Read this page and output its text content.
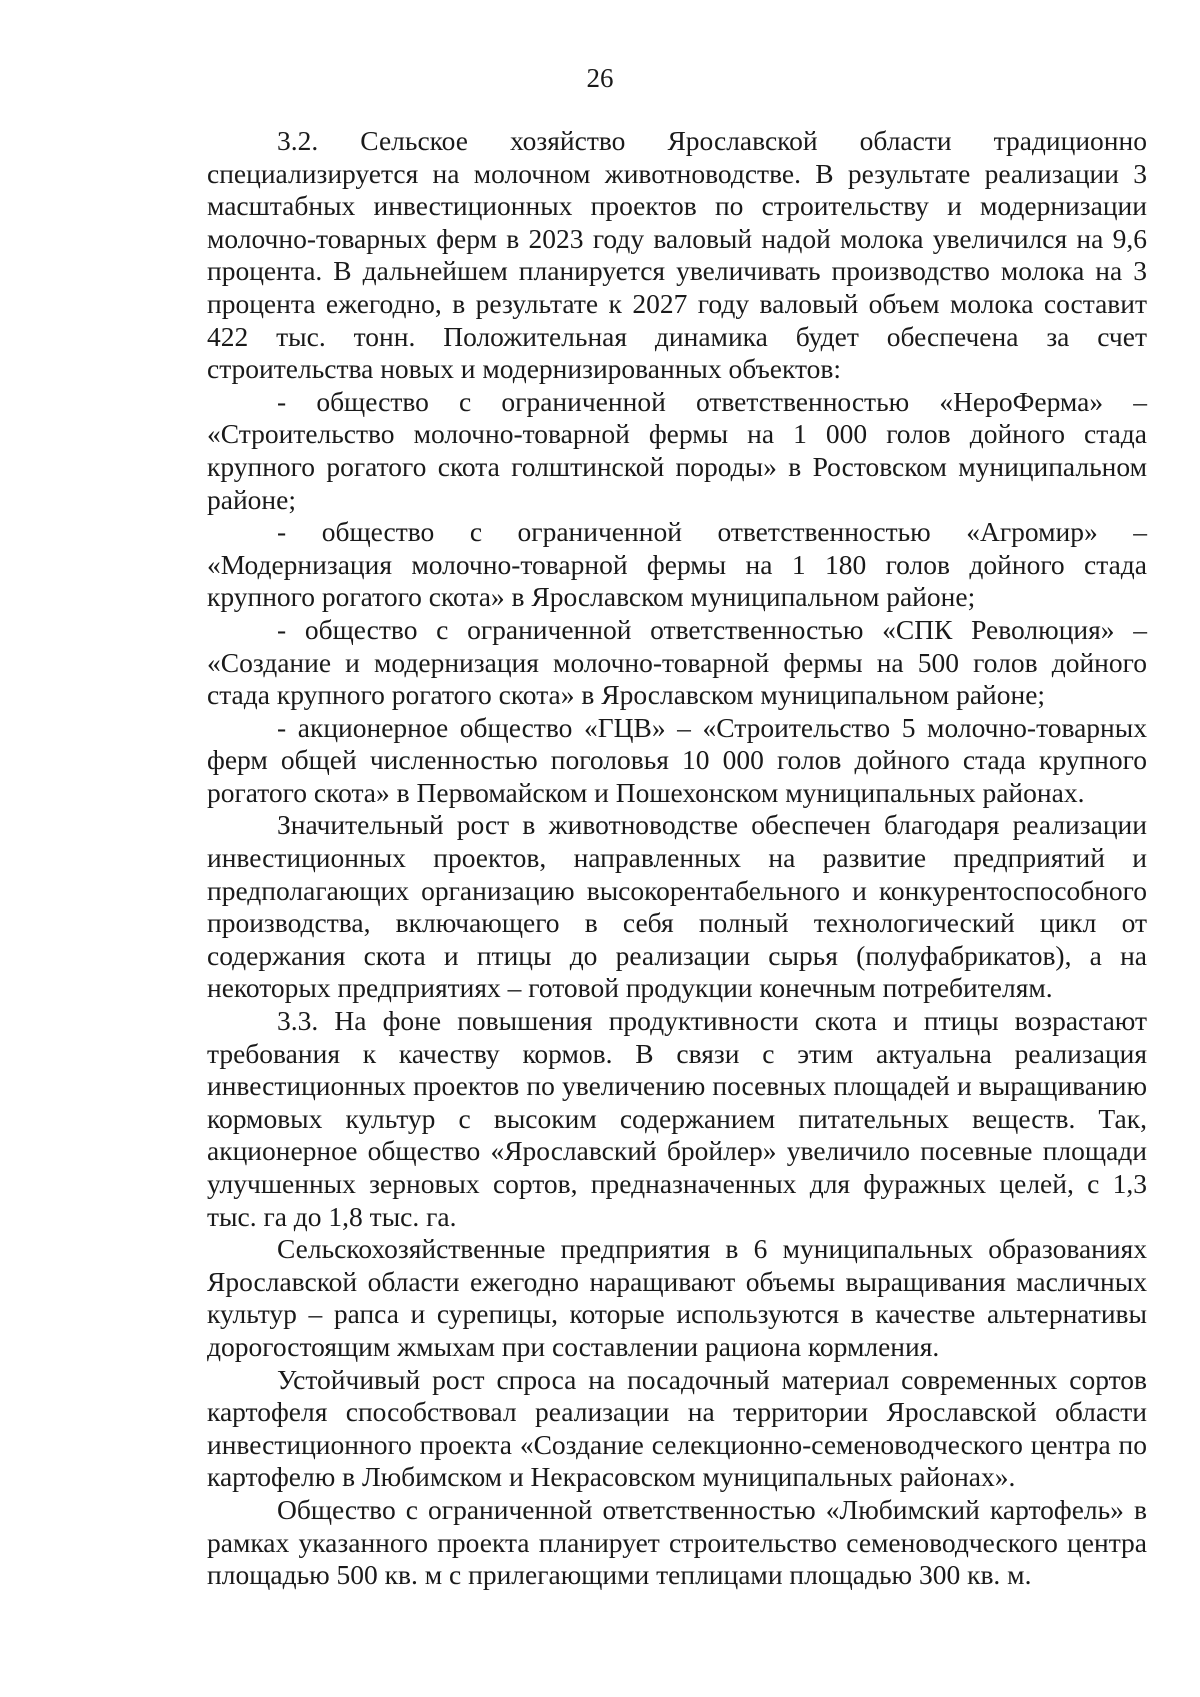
26

3.2. Сельское хозяйство Ярославской области традиционно специализируется на молочном животноводстве. В результате реализации 3 масштабных инвестиционных проектов по строительству и модернизации молочно-товарных ферм в 2023 году валовый надой молока увеличился на 9,6 процента. В дальнейшем планируется увеличивать производство молока на 3 процента ежегодно, в результате к 2027 году валовый объем молока составит 422 тыс. тонн. Положительная динамика будет обеспечена за счет строительства новых и модернизированных объектов:

- общество с ограниченной ответственностью «НероФерма» – «Строительство молочно-товарной фермы на 1 000 голов дойного стада крупного рогатого скота голштинской породы» в Ростовском муниципальном районе;

- общество с ограниченной ответственностью «Агромир» – «Модернизация молочно-товарной фермы на 1 180 голов дойного стада крупного рогатого скота» в Ярославском муниципальном районе;

- общество с ограниченной ответственностью «СПК Революция» – «Создание и модернизация молочно-товарной фермы на 500 голов дойного стада крупного рогатого скота» в Ярославском муниципальном районе;

- акционерное общество «ГЦВ» – «Строительство 5 молочно-товарных ферм общей численностью поголовья 10 000 голов дойного стада крупного рогатого скота» в Первомайском и Пошехонском муниципальных районах.

Значительный рост в животноводстве обеспечен благодаря реализации инвестиционных проектов, направленных на развитие предприятий и предполагающих организацию высокорентабельного и конкурентоспособного производства, включающего в себя полный технологический цикл от содержания скота и птицы до реализации сырья (полуфабрикатов), а на некоторых предприятиях – готовой продукции конечным потребителям.

3.3. На фоне повышения продуктивности скота и птицы возрастают требования к качеству кормов. В связи с этим актуальна реализация инвестиционных проектов по увеличению посевных площадей и выращиванию кормовых культур с высоким содержанием питательных веществ. Так, акционерное общество «Ярославский бройлер» увеличило посевные площади улучшенных зерновых сортов, предназначенных для фуражных целей, с 1,3 тыс. га до 1,8 тыс. га.

Сельскохозяйственные предприятия в 6 муниципальных образованиях Ярославской области ежегодно наращивают объемы выращивания масличных культур – рапса и сурепицы, которые используются в качестве альтернативы дорогостоящим жмыхам при составлении рациона кормления.

Устойчивый рост спроса на посадочный материал современных сортов картофеля способствовал реализации на территории Ярославской области инвестиционного проекта «Создание селекционно-семеноводческого центра по картофелю в Любимском и Некрасовском муниципальных районах».

Общество с ограниченной ответственностью «Любимский картофель» в рамках указанного проекта планирует строительство семеноводческого центра площадью 500 кв. м с прилегающими теплицами площадью 300 кв. м.
